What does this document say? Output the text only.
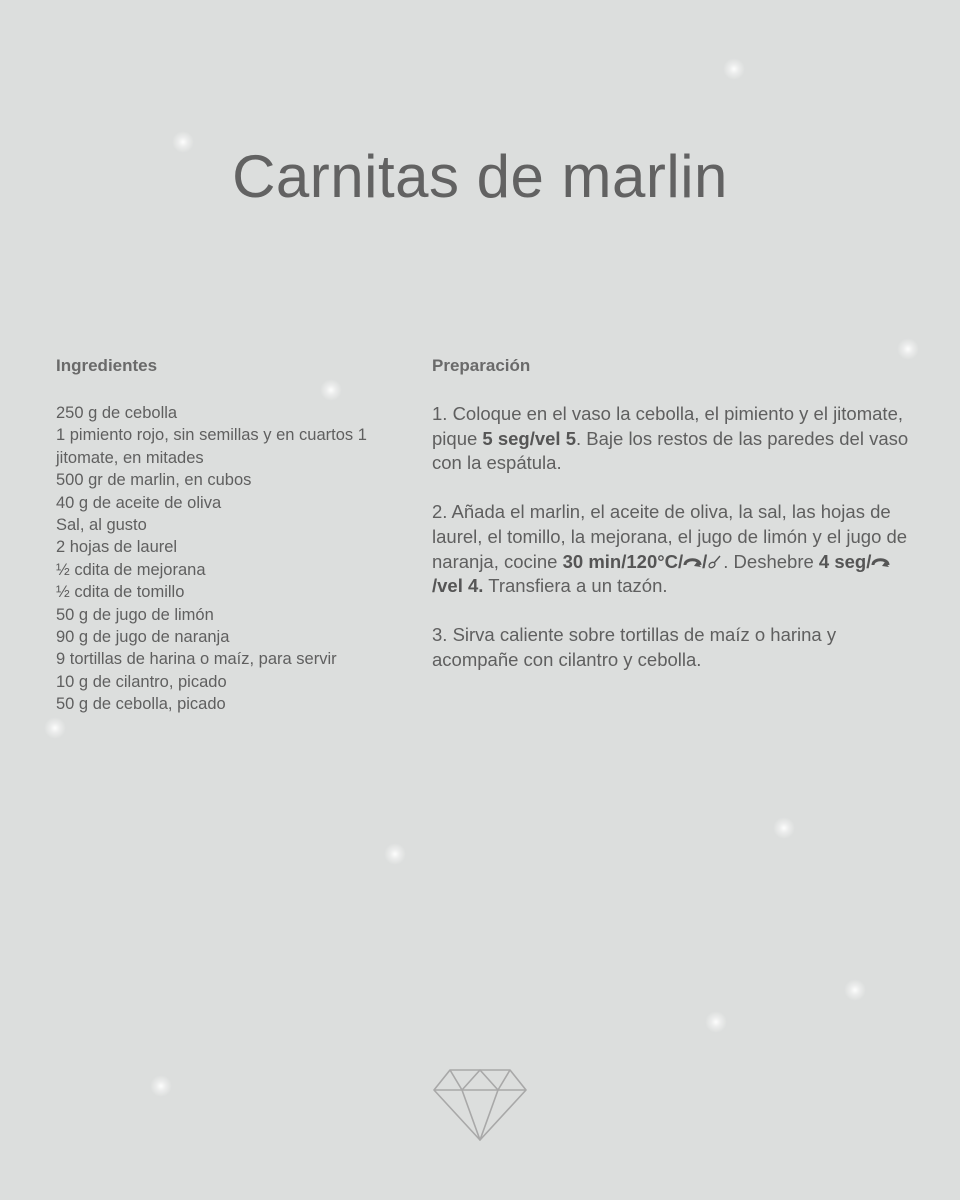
Carnitas de marlin
Ingredientes
250 g de cebolla
1 pimiento rojo, sin semillas y en cuartos 1
jitomate, en mitades
500 gr de marlin, en cubos
40 g de aceite de oliva
Sal, al gusto
2 hojas de laurel
½ cdita de mejorana
½ cdita de tomillo
50 g de jugo de limón
90 g de jugo de naranja
9 tortillas de harina o maíz, para servir
10 g de cilantro, picado
50 g de cebolla, picado
Preparación

1. Coloque en el vaso la cebolla, el pimiento y el jitomate, pique 5 seg/vel 5. Baje los restos de las paredes del vaso con la espátula.

2. Añada el marlin, el aceite de oliva, la sal, las hojas de laurel, el tomillo, la mejorana, el jugo de limón y el jugo de naranja, cocine 30 min/120°C/ / . Deshebre 4 seg//vel 4. Transfiera a un tazón.

3. Sirva caliente sobre tortillas de maíz o harina y acompañe con cilantro y cebolla.
